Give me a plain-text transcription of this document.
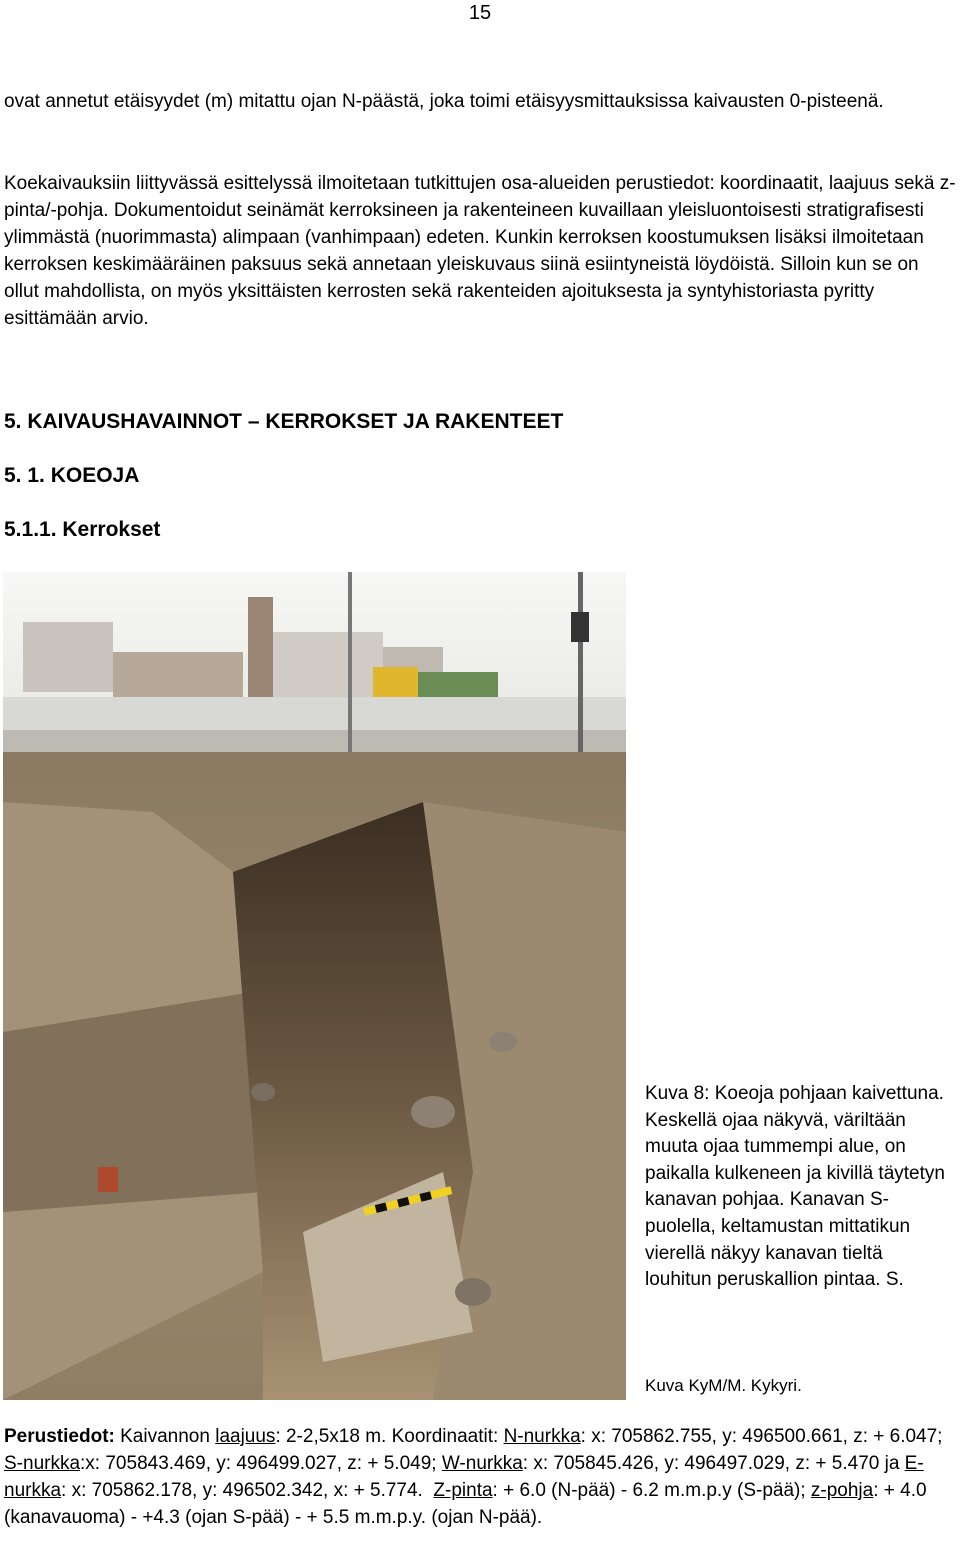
15

ovat annetut etäisyydet (m) mitattu ojan N-päästä, joka toimi etäisyysmittauksissa kaivausten 0-pisteenä.

Koekaivauksiin liittyvässä esittelyssä ilmoitetaan tutkittujen osa-alueiden perustiedot: koordinaatit, laajuus sekä z-pinta/-pohja. Dokumentoidut seinämät kerroksineen ja rakenteineen kuvaillaan yleisluontoisesti stratigrafisesti ylimmästä (nuorimmasta) alimpaan (vanhimpaan) edeten. Kunkin kerroksen koostumuksen lisäksi ilmoitetaan kerroksen keskimääräinen paksuus sekä annetaan yleiskuvaus siinä esiintyneistä löydöistä. Silloin kun se on ollut mahdollista, on myös yksittäisten kerrosten sekä rakenteiden ajoituksesta ja syntyhistoriasta pyritty esittämään arvio.

5. KAIVAUSHAVAINNOT – KERROKSET JA RAKENTEET
5. 1. KOEOJA
5.1.1. Kerrokset

Kuva 8: Koeoja pohjaan kaivettuna. Keskellä ojaa näkyvä, väriltään muuta ojaa tummempi alue, on paikalla kulkeneen ja kivillä täytetyn kanavan pohjaa. Kanavan S-puolella, keltamustan mittatikun vierellä näkyy kanavan tieltä louhitun peruskallion pintaa. S.

Kuva KyM/M. Kykyri.

Perustiedot: Kaivannon laajuus: 2-2,5x18 m. Koordinaatit: N-nurkka: x: 705862.755, y: 496500.661, z: + 6.047; S-nurkka:x: 705843.469, y: 496499.027, z: + 5.049; W-nurkka: x: 705845.426, y: 496497.029, z: + 5.470 ja E-nurkka: x: 705862.178, y: 496502.342, x: + 5.774.  Z-pinta: + 6.0 (N-pää) - 6.2 m.m.p.y (S-pää); z-pohja: + 4.0 (kanavauoma) - +4.3 (ojan S-pää) - + 5.5 m.m.p.y. (ojan N-pää).
